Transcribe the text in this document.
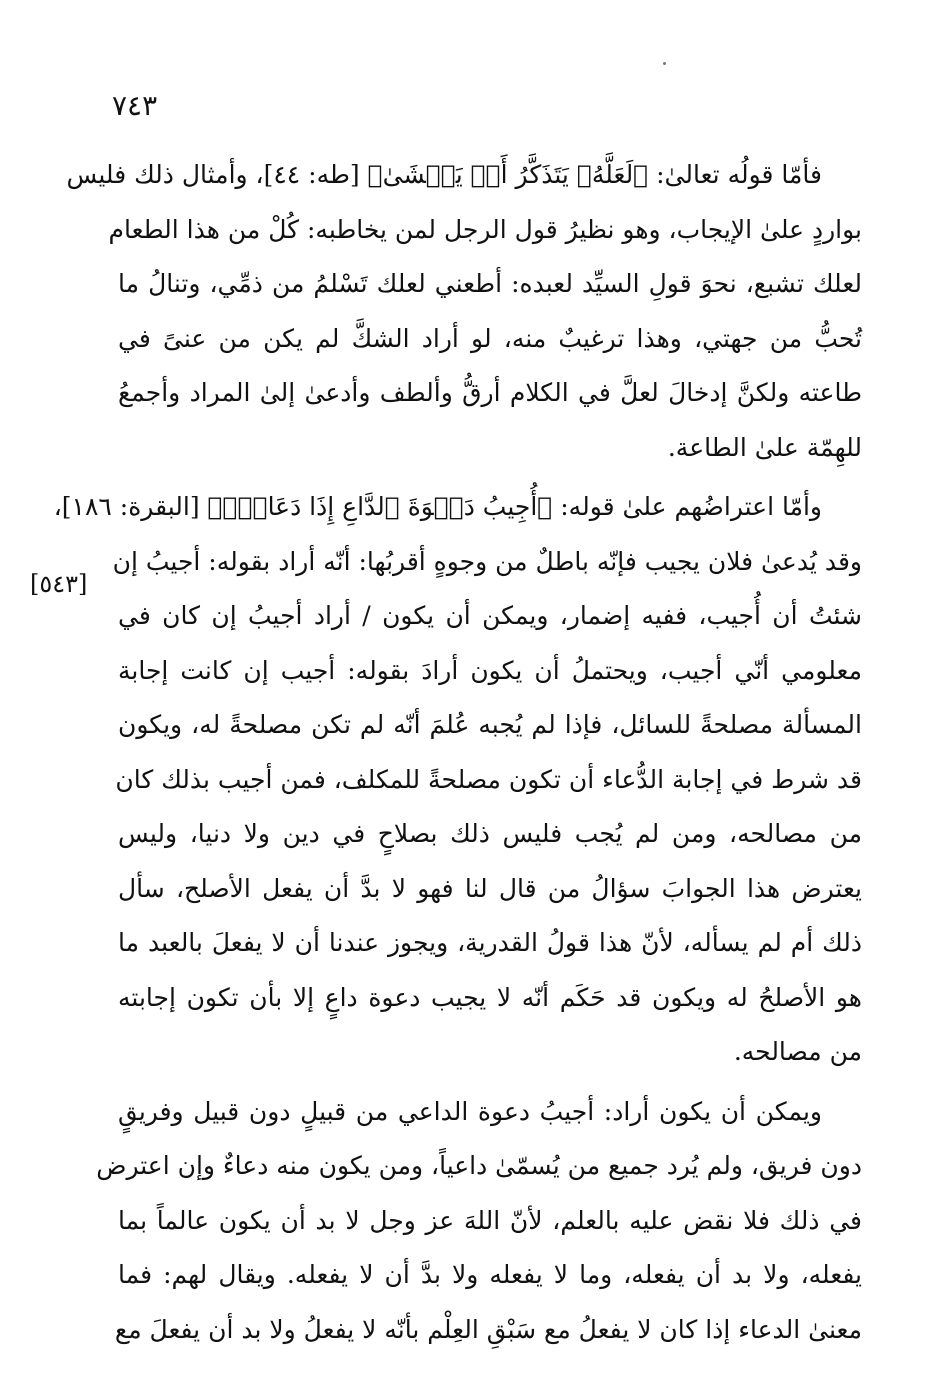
٧٤٣
[٥٤٣]
فأمّا قولُه تعالىٰ: ﴿لَعَلَّهُۥ يَتَذَكَّرُ أَوۡ يَخۡشَىٰ﴾ [طه: ٤٤]، وأمثال ذلك فليس
بواردٍ علىٰ الإيجاب، وهو نظيرُ قول الرجل لمن يخاطبه: كُلْ من هذا الطعام
لعلك تشبع، نحوَ قولِ السيِّد لعبده: أطعني لعلك تَسْلمُ من ذمِّي، وتنالُ ما
تُحبُّ من جهتي، وهذا ترغيبٌ منه، لو أراد الشكَّ لم يكن من عنىً في
طاعته ولكنَّ إدخالَ لعلَّ في الكلام أرقُّ وألطف وأدعىٰ إلىٰ المراد وأجمعُ
للهِمّة علىٰ الطاعة.
وأمّا اعتراضُهم علىٰ قوله: ﴿أُجِيبُ دَعۡوَةَ ٱلدَّاعِ إِذَا دَعَانِۖ﴾ [البقرة: ١٨٦]،
وقد يُدعىٰ فلان يجيب فإنّه باطلٌ من وجوهٍ أقربُها: أنّه أراد بقوله: أجيبُ إن
شئتُ أن أُجيب، ففيه إضمار، ويمكن أن يكون / أراد أجيبُ إن كان في
معلومي أنّي أجيب، ويحتملُ أن يكون أرادَ بقوله: أجيب إن كانت إجابة
المسألة مصلحةً للسائل، فإذا لم يُجبه عُلمَ أنّه لم تكن مصلحةً له، ويكون
قد شرط في إجابة الدُّعاء أن تكون مصلحةً للمكلف، فمن أجيب بذلك كان
من مصالحه، ومن لم يُجب فليس ذلك بصلاحٍ في دين ولا دنيا، وليس
يعترض هذا الجوابَ سؤالُ من قال لنا فهو لا بدَّ أن يفعل الأصلح، سأل
ذلك أم لم يسأله، لأنّ هذا قولُ القدرية، ويجوز عندنا أن لا يفعلَ بالعبد ما
هو الأصلحُ له ويكون قد حَكَم أنّه لا يجيب دعوة داعٍ إلا بأن تكون إجابته
من مصالحه.
ويمكن أن يكون أراد: أجيبُ دعوة الداعي من قبيلٍ دون قبيل وفريقٍ
دون فريق، ولم يُرد جميع من يُسمّىٰ داعياً، ومن يكون منه دعاءٌ وإن اعترض
في ذلك فلا نقض عليه بالعلم، لأنّ اللهَ عز وجل لا بد أن يكون عالماً بما
يفعله، ولا بد أن يفعله، وما لا يفعله ولا بدَّ أن لا يفعله. ويقال لهم: فما
معنىٰ الدعاء إذا كان لا يفعلُ مع سَبْقِ العِلْم بأنّه لا يفعلُ ولا بد أن يفعلَ مع
